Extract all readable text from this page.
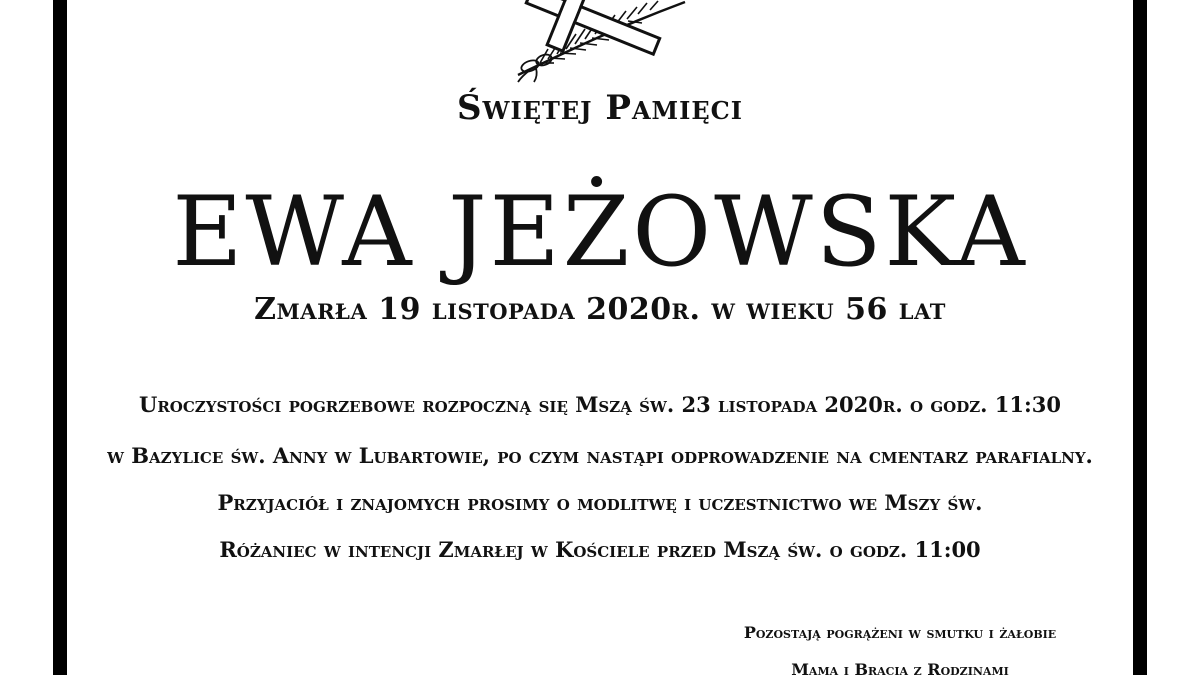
Świętej Pamięci
EWA JEŻOWSKA
Zmarła 19 listopada 2020r. w wieku 56 lat
Uroczystości pogrzebowe rozpoczną się Mszą św. 23 listopada 2020r. o godz. 11:30
w Bazylice św. Anny w Lubartowie, po czym nastąpi odprowadzenie na cmentarz parafialny.
Przyjaciół i znajomych prosimy o modlitwę i uczestnictwo we Mszy św.
Różaniec w intencji Zmarłej w Kościele przed Mszą św. o godz. 11:00
Pozostają pogrążeni w smutku i żałobie
Mama i Bracia z Rodzinami
